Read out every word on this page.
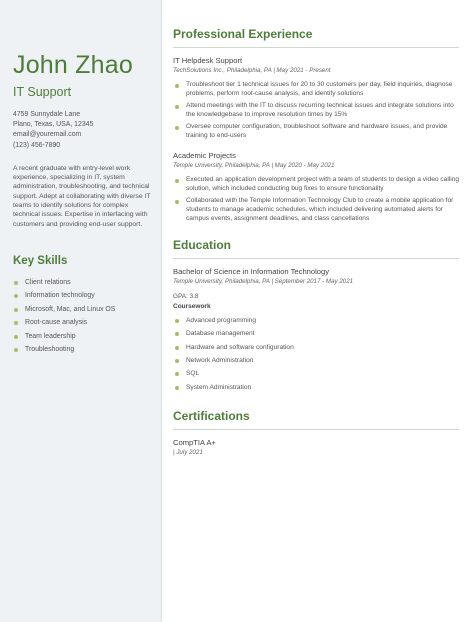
John Zhao
IT Support
4759 Sunnydale Lane
Plano, Texas, USA, 12345
email@youremail.com
(123) 456-7890

A recent graduate with entry-level work experience, specializing in IT, system administration, troubleshooting, and technical support. Adept at collaborating with diverse IT teams to identify solutions for complex technical issues. Expertise in interfacing with customers and providing end-user support.

Key Skills
Client relations
Information technology
Microsoft, Mac, and Linux OS
Root-cause analysis
Team leadership
Troubleshooting
Professional Experience
IT Helpdesk Support
TechSolutions Inc., Philadelphia, PA | May 2021 - Present
Troubleshoot tier 1 technical issues for 20 to 30 customers per day, field inquiries, diagnose problems, perform root-cause analysis, and identify solutions
Attend meetings with the IT to discuss recurring technical issues and integrate solutions into the knowledgebase to improve resolution times by 15%
Oversee computer configuration, troubleshoot software and hardware issues, and provide training to end-users
Academic Projects
Temple University, Philadelphia, PA | May 2020 - May 2021
Executed an application development project with a team of students to design a video calling solution, which included conducting bug fixes to ensure functionality
Collaborated with the Temple Information Technology Club to create a mobile application for students to manage academic schedules, which included delivering automated alerts for campus events, assignment deadlines, and class cancellations
Education
Bachelor of Science in Information Technology
Temple University, Philadelphia, PA | September 2017 - May 2021
GPA: 3.8
Coursework
Advanced programming
Database management
Hardware and software configuration
Network Administration
SQL
System Administration
Certifications
CompTIA A+
| July 2021
